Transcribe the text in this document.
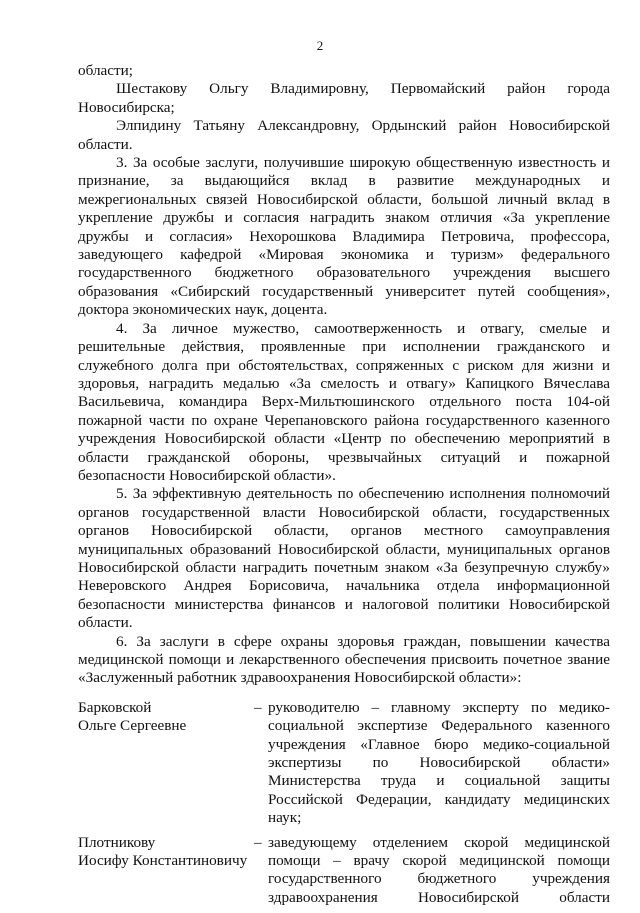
2

области;

Шестакову Ольгу Владимировну, Первомайский район города

Новосибирска;

Элпидину Татьяну Александровну, Ордынский район Новосибирской

области.

3. За особые заслуги, получившие широкую общественную известность и признание, за выдающийся вклад в развитие международных и межрегиональных связей Новосибирской области, большой личный вклад в укрепление дружбы и согласия наградить знаком отличия «За укрепление дружбы и согласия» Нехорошкова Владимира Петровича, профессора, заведующего кафедрой «Мировая экономика и туризм» федерального государственного бюджетного образовательного учреждения высшего образования «Сибирский государственный университет путей сообщения», доктора экономических наук, доцента.

4. За личное мужество, самоотверженность и отвагу, смелые и решительные действия, проявленные при исполнении гражданского и служебного долга при обстоятельствах, сопряженных с риском для жизни и здоровья, наградить медалью «За смелость и отвагу» Капицкого Вячеслава Васильевича, командира Верх-Мильтюшинского отдельного поста 104-ой пожарной части по охране Черепановского района государственного казенного учреждения Новосибирской области «Центр по обеспечению мероприятий в области гражданской обороны, чрезвычайных ситуаций и пожарной безопасности Новосибирской области».

5. За эффективную деятельность по обеспечению исполнения полномочий органов государственной власти Новосибирской области, государственных органов Новосибирской области, органов местного самоуправления муниципальных образований Новосибирской области, муниципальных органов Новосибирской области наградить почетным знаком «За безупречную службу» Неверовского Андрея Борисовича, начальника отдела информационной безопасности министерства финансов и налоговой политики Новосибирской области.

6. За заслуги в сфере охраны здоровья граждан, повышении качества медицинской помощи и лекарственного обеспечения присвоить почетное звание «Заслуженный работник здравоохранения Новосибирской области»:

Барковской
Ольге Сергеевне
– руководителю – главному эксперту по медико-социальной экспертизе Федерального казенного учреждения «Главное бюро медико-социальной экспертизы по Новосибирской области» Министерства труда и социальной защиты Российской Федерации, кандидату медицинских наук;
Плотникову
Иосифу Константиновичу
– заведующему отделением скорой медицинской помощи – врачу скорой медицинской помощи государственного бюджетного учреждения здравоохранения Новосибирской области
